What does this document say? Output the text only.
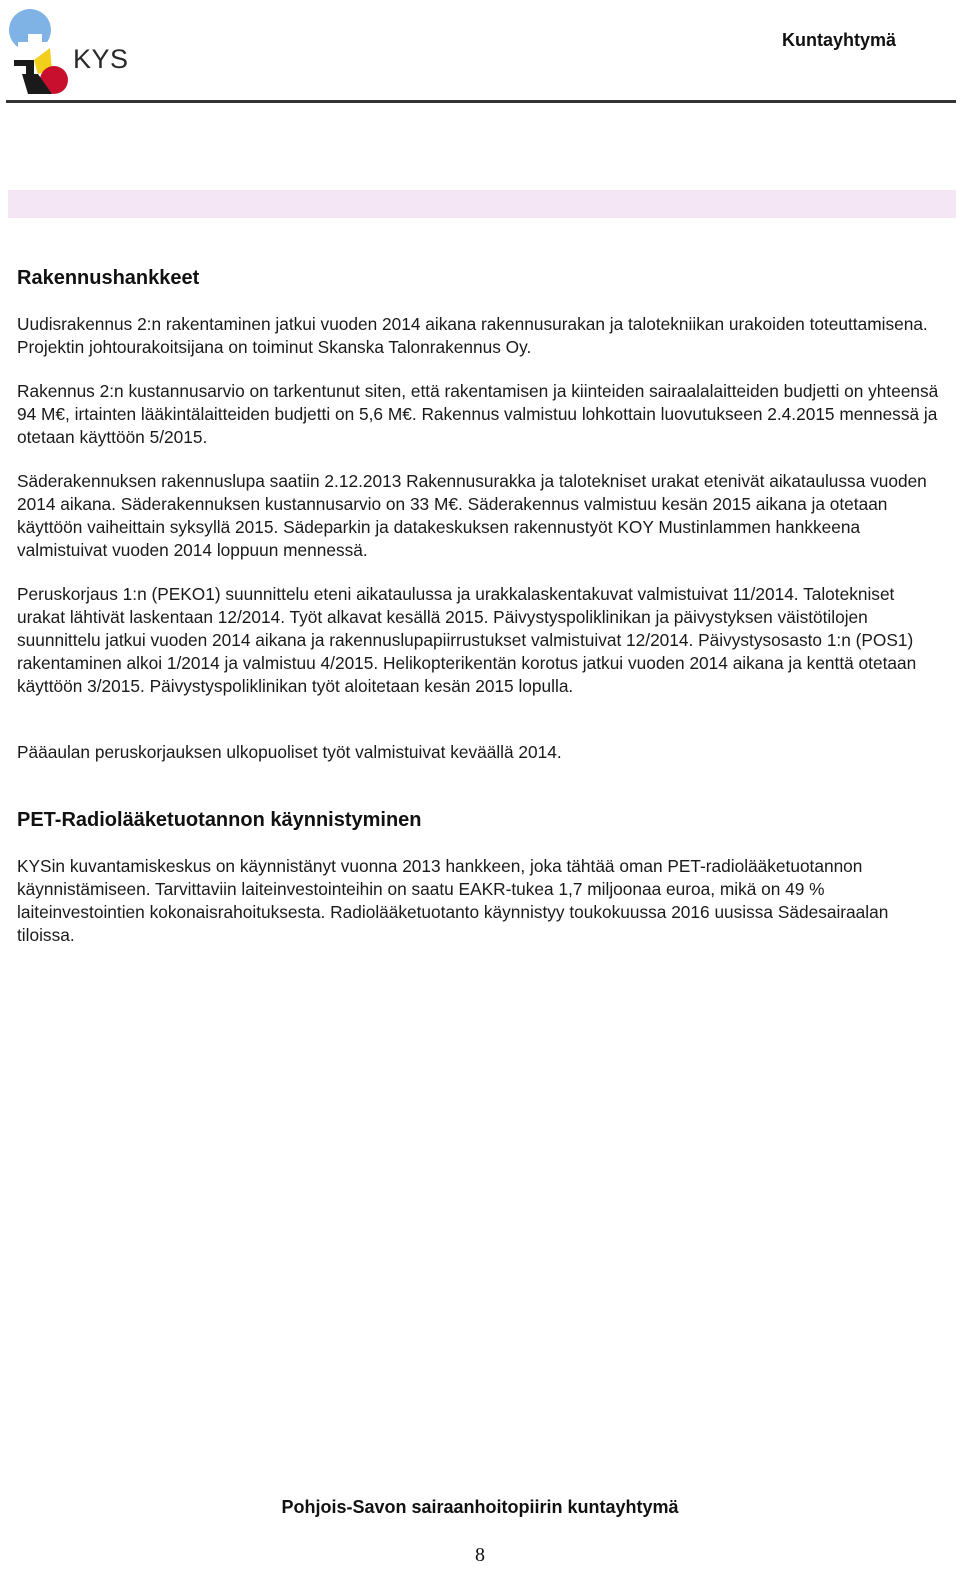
KYS
Kuntayhtymä
Rakennushankkeet

Uudisrakennus 2:n rakentaminen jatkui vuoden 2014 aikana rakennusurakan ja talotekniikan urakoiden toteuttamisena. Projektin johtourakoitsijana on toiminut Skanska Talonrakennus Oy.

Rakennus 2:n kustannusarvio on tarkentunut siten, että rakentamisen ja kiinteiden sairaalalaitteiden budjetti on yhteensä 94 M€, irtainten lääkintälaitteiden budjetti on 5,6 M€. Rakennus valmistuu lohkottain luovutukseen 2.4.2015 mennessä ja otetaan käyttöön 5/2015.

Säderakennuksen rakennuslupa saatiin 2.12.2013 Rakennusurakka ja talotekniset urakat etenivät aikataulussa vuoden 2014 aikana. Säderakennuksen kustannusarvio on 33 M€. Säderakennus valmistuu kesän 2015 aikana ja otetaan käyttöön vaiheittain syksyllä 2015. Sädeparkin ja datakeskuksen rakennustyöt KOY Mustinlammen hankkeena valmistuivat vuoden 2014 loppuun mennessä.

Peruskorjaus 1:n (PEKO1) suunnittelu eteni aikataulussa ja urakkalaskentakuvat valmistuivat 11/2014. Talotekniset urakat lähtivät laskentaan 12/2014. Työt alkavat kesällä 2015. Päivystyspoliklinikan ja päivystyksen väistötilojen suunnittelu jatkui vuoden 2014 aikana ja rakennuslupapiirrustukset valmistuivat 12/2014. Päivystysosasto 1:n (POS1) rakentaminen alkoi 1/2014 ja valmistuu 4/2015. Helikopterikentän korotus jatkui vuoden 2014 aikana ja kenttä otetaan käyttöön 3/2015. Päivystyspoliklinikan työt aloitetaan kesän 2015 lopulla.

Pääaulan peruskorjauksen ulkopuoliset työt valmistuivat keväällä 2014.

PET-Radiolääketuotannon käynnistyminen

KYSin kuvantamiskeskus on käynnistänyt vuonna 2013 hankkeen, joka tähtää oman PET-radiolääketuotannon käynnistämiseen. Tarvittaviin laiteinvestointeihin on saatu EAKR-tukea 1,7 miljoonaa euroa, mikä on 49 % laiteinvestointien kokonaisrahoituksesta. Radiolääketuotanto käynnistyy toukokuussa 2016 uusissa Sädesairaalan tiloissa.

Pohjois-Savon sairaanhoitopiirin kuntayhtymä
8
